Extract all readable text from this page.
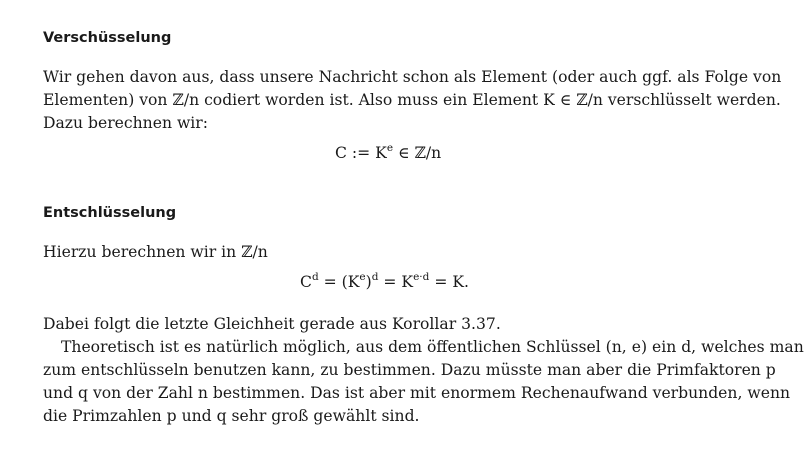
Verschüsselung
Wir gehen davon aus, dass unsere Nachricht schon als Element (oder auch ggf. als Folge von
Elementen) von ℤ/n codiert worden ist. Also muss ein Element K ∈ ℤ/n verschlüsselt werden.
Dazu berechnen wir:
C := $K^e$ ∈ ℤ/n
Entschlüsselung
Hierzu berechnen wir in ℤ/n
$C^d = (K^e)^d = K^{e\cdot d} = K$.
Dabei folgt die letzte Gleichheit gerade aus Korollar 3.37.
Theoretisch ist es natürlich möglich, aus dem öffentlichen Schlüssel (n, e) ein d, welches man
zum entschlüsseln benutzen kann, zu bestimmen. Dazu müsste man aber die Primfaktoren p
und q von der Zahl n bestimmen. Das ist aber mit enormem Rechenaufwand verbunden, wenn
die Primzahlen p und q sehr groß gewählt sind.
